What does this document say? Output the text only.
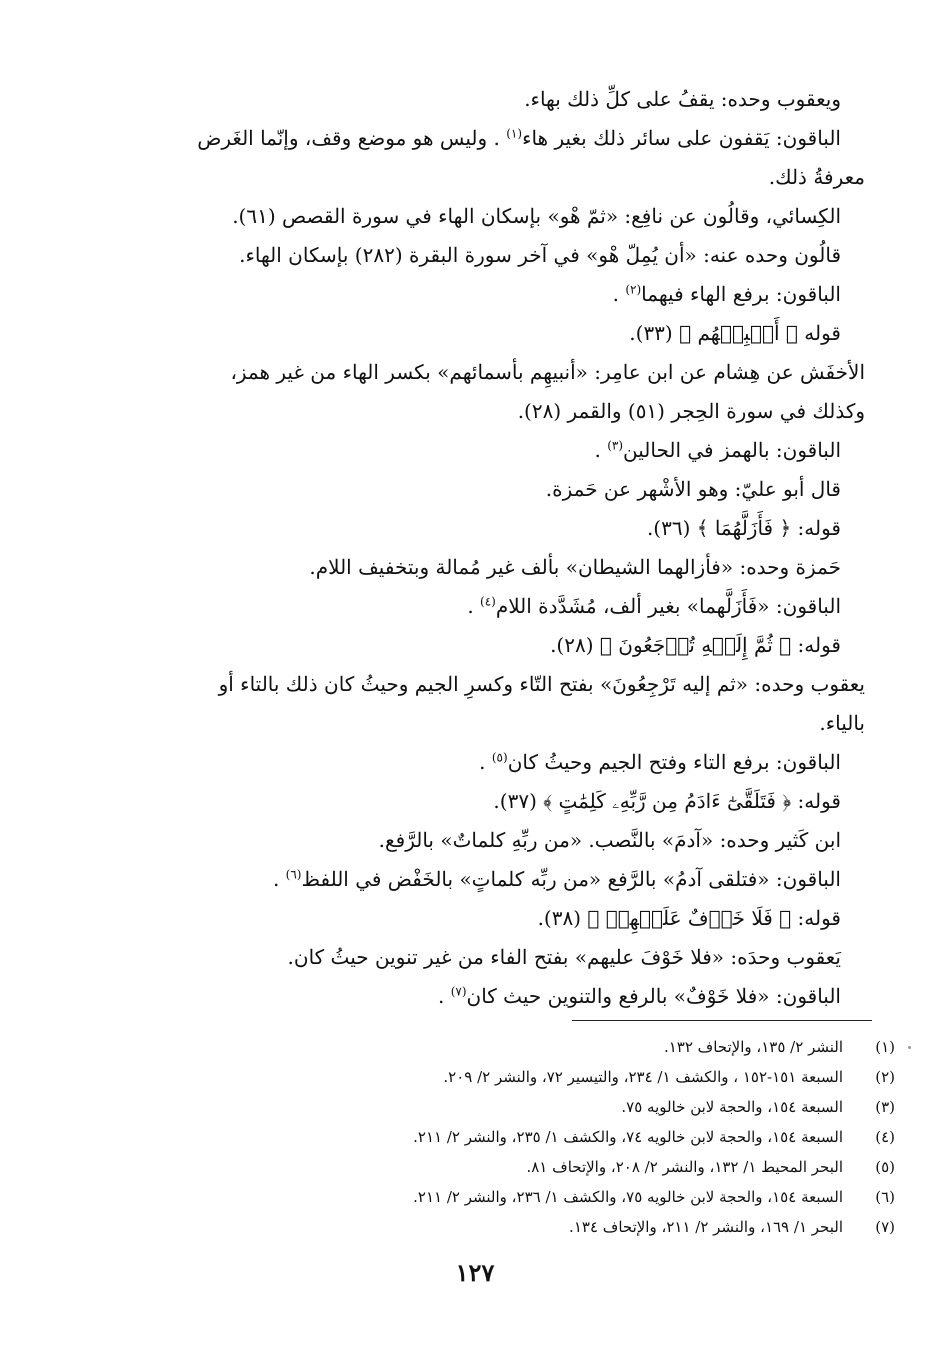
ويعقوب وحده: يقفُ على كلِّ ذلك بهاء.
الباقون: يَقفون على سائر ذلك بغير هاء$^{(١)}$ . وليس هو موضع وقف، وإنّما الغَرض
معرفةُ ذلك.
الكِسائي، وقالُون عن نافِع: «ثمّ هْو» بإسكان الهاء في سورة القصص (٦١).
قالُون وحده عنه: «أن يُمِلّ هْو» في آخر سورة البقرة (٢٨٢) بإسكان الهاء.
الباقون: برفع الهاء فيهما$^{(٢)}$ .
قوله ﴿ أَنۢبِئۡهُم ﴾ (٣٣).
الأخفَش عن هِشام عن ابن عامِر: «أنبيهِم بأسمائهم» بكسر الهاء من غير همز،
وكذلك في سورة الحِجر (٥١) والقمر (٢٨).
الباقون: بالهمز في الحالين$^{(٣)}$ .
قال أبو عليّ: وهو الأشْهر عن حَمزة.
قوله: ﴿ فَأَزَلَّهُمَا ﴾ (٣٦).
حَمزة وحده: «فأزالهما الشيطان» بألف غير مُمالة وبتخفيف اللام.
الباقون: «فَأَزَلَّهما» بغير ألف، مُشَدَّدة اللام$^{(٤)}$ .
قوله: ﴿ ثُمَّ إِلَيۡهِ تُرۡجَعُونَ ﴾ (٢٨).
يعقوب وحده: «ثم إليه تَرْجِعُونَ» بفتح التّاء وكسرِ الجيم وحيثُ كان ذلك بالتاء أو
بالياء.
الباقون: برفع التاء وفتح الجيم وحيثُ كان$^{(٥)}$ .
قوله: ﴿ فَتَلَقَّىٰٓ ءَادَمُ مِن رَّبِّهِۦ كَلِمَٰتٍ ﴾ (٣٧).
ابن كَثير وحده: «آدمَ» بالنَّصب. «من ربِّهِ كلماتٌ» بالرَّفع.
الباقون: «فتلقى آدمُ» بالرَّفع «من ربِّه كلماتٍ» بالخَفْض في اللفظ$^{(٦)}$ .
قوله: ﴿ فَلَا خَوۡفٌ عَلَيۡهِمۡ ﴾ (٣٨).
يَعقوب وحدَه: «فلا خَوْفَ عليهم» بفتح الفاء من غير تنوين حيثُ كان.
الباقون: «فلا خَوْفٌ» بالرفع والتنوين حيث كان$^{(٧)}$ .
(١)
النشر ٢/ ١٣٥، والإتحاف ١٣٢.
(٢)
السبعة ١٥١-١٥٢ ، والكشف ١/ ٢٣٤، والتيسير ٧٢، والنشر ٢/ ٢٠٩.
(٣)
السبعة ١٥٤، والحجة لابن خالويه ٧٥.
(٤)
السبعة ١٥٤، والحجة لابن خالويه ٧٤، والكشف ١/ ٢٣٥، والنشر ٢/ ٢١١.
(٥)
البحر المحيط ١/ ١٣٢، والنشر ٢/ ٢٠٨، والإتحاف ٨١.
(٦)
السبعة ١٥٤، والحجة لابن خالويه ٧٥، والكشف ١/ ٢٣٦، والنشر ٢/ ٢١١.
(٧)
البحر ١/ ١٦٩، والنشر ٢/ ٢١١، والإتحاف ١٣٤.
١٢٧
